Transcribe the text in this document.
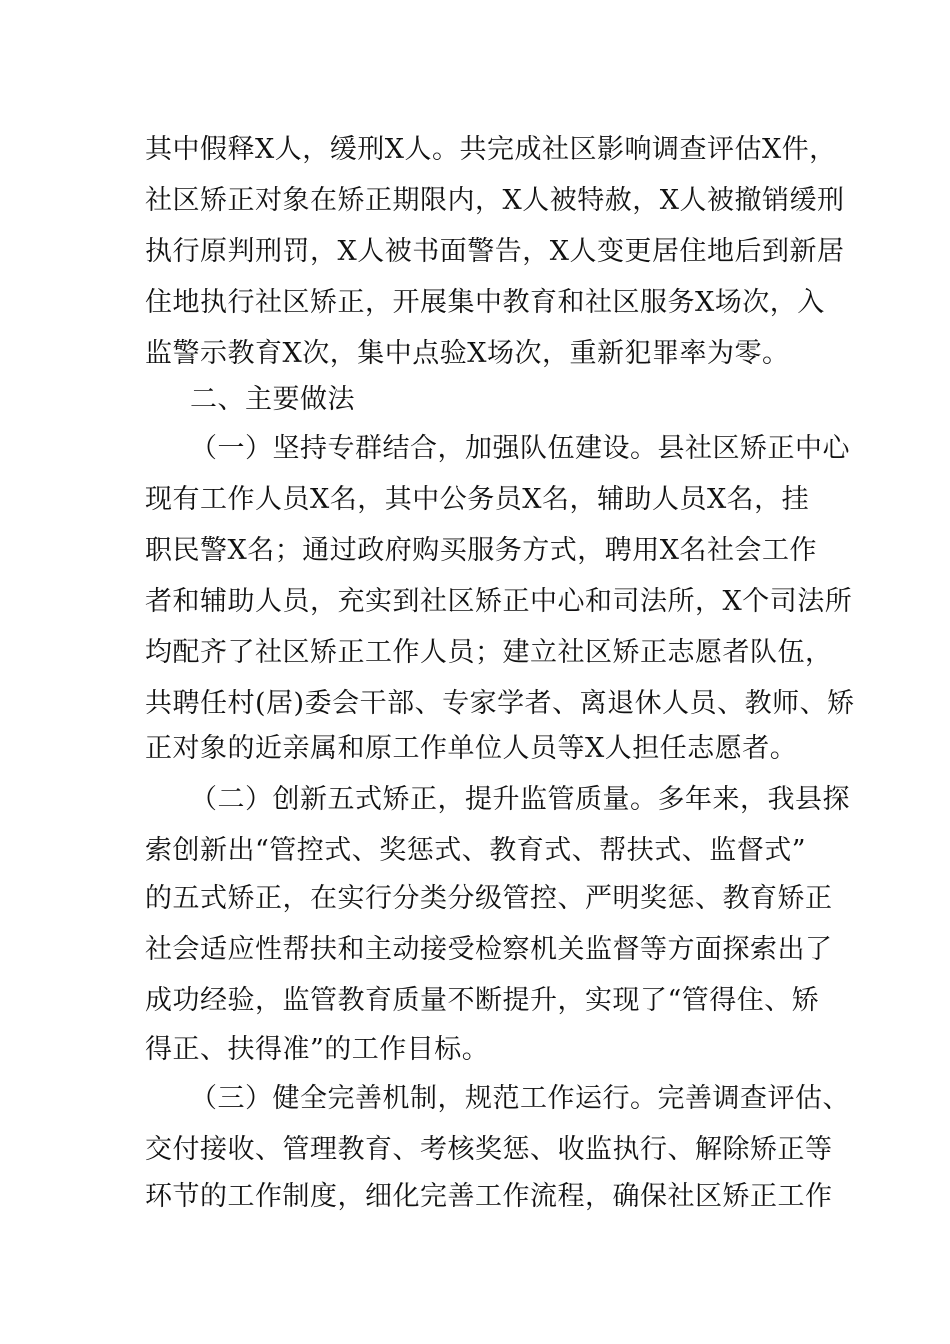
其中假释X人，缓刑X人。共完成社区影响调查评估X件，

社区矫正对象在矫正期限内，X人被特赦，X人被撤销缓刑

执行原判刑罚，X人被书面警告，X人变更居住地后到新居

住地执行社区矫正，开展集中教育和社区服务X场次，入

监警示教育X次，集中点验X场次，重新犯罪率为零。

二、主要做法

（一）坚持专群结合，加强队伍建设。县社区矫正中心

现有工作人员X名，其中公务员X名，辅助人员X名，挂

职民警X名；通过政府购买服务方式，聘用X名社会工作

者和辅助人员，充实到社区矫正中心和司法所，X个司法所

均配齐了社区矫正工作人员；建立社区矫正志愿者队伍，

共聘任村(居)委会干部、专家学者、离退休人员、教师、矫

正对象的近亲属和原工作单位人员等X人担任志愿者。

（二）创新五式矫正，提升监管质量。多年来，我县探

索创新出“管控式、奖惩式、教育式、帮扶式、监督式”

的五式矫正，在实行分类分级管控、严明奖惩、教育矫正

社会适应性帮扶和主动接受检察机关监督等方面探索出了

成功经验，监管教育质量不断提升，实现了“管得住、矫

得正、扶得准”的工作目标。

（三）健全完善机制，规范工作运行。完善调查评估、

交付接收、管理教育、考核奖惩、收监执行、解除矫正等

环节的工作制度，细化完善工作流程，确保社区矫正工作
